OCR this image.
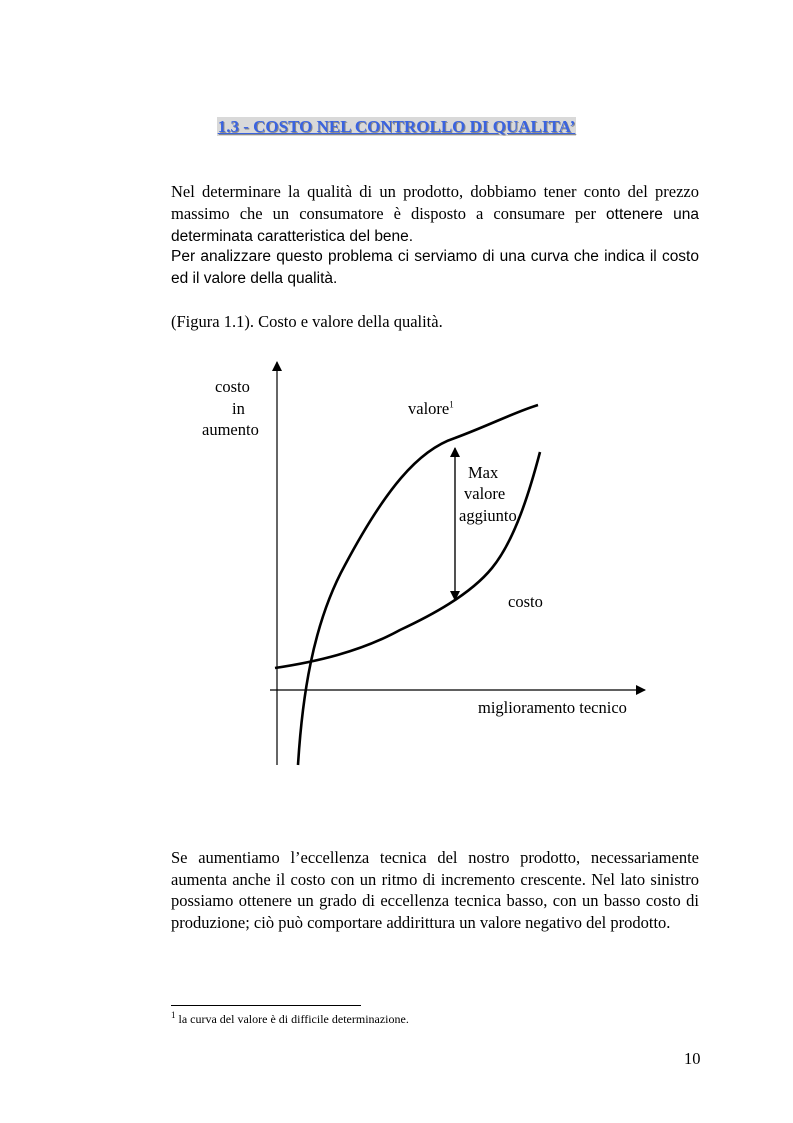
1.3 - COSTO NEL CONTROLLO DI QUALITA’

Nel determinare la qualità di un prodotto, dobbiamo tener conto del prezzo massimo che un consumatore è disposto a consumare per ottenere una determinata caratteristica del bene.

Per analizzare questo problema ci serviamo di una curva che indica il costo ed il valore della qualità.

(Figura 1.1). Costo e valore della qualità.

costo
in
aumento
valore$^1$
Max
valore
aggiunto
costo
miglioramento tecnico

Se aumentiamo l’eccellenza tecnica del nostro prodotto, necessariamente aumenta anche il costo con un ritmo di incremento crescente. Nel lato sinistro possiamo ottenere un grado di eccellenza tecnica basso, con un basso costo di produzione; ciò può comportare addirittura un valore negativo del prodotto.

$^1$ la curva del valore è di difficile determinazione.
10
